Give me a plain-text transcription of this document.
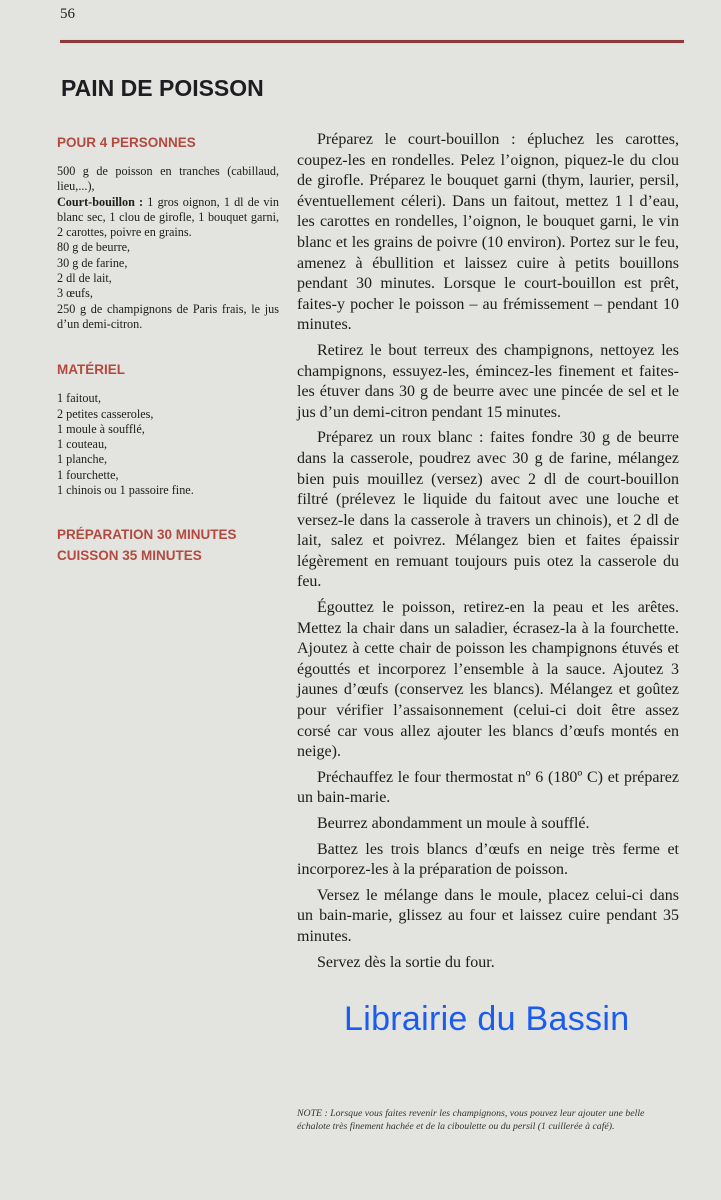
56
PAIN DE POISSON
POUR 4 PERSONNES
500 g de poisson en tranches (cabillaud, lieu,...),
Court-bouillon : 1 gros oignon, 1 dl de vin blanc sec, 1 clou de girofle, 1 bouquet garni, 2 carottes, poivre en grains.
80 g de beurre,
30 g de farine,
2 dl de lait,
3 œufs,
250 g de champignons de Paris frais, le jus d’un demi-citron.
MATÉRIEL
1 faitout,
2 petites casseroles,
1 moule à soufflé,
1 couteau,
1 planche,
1 fourchette,
1 chinois ou 1 passoire fine.
PRÉPARATION 30 MINUTES
CUISSON 35 MINUTES

Préparez le court-bouillon : épluchez les carottes, coupez-les en rondelles. Pelez l’oignon, piquez-le du clou de girofle. Préparez le bouquet garni (thym, laurier, persil, éventuellement céleri). Dans un faitout, mettez 1 l d’eau, les carottes en rondelles, l’oignon, le bouquet garni, le vin blanc et les grains de poivre (10 environ). Portez sur le feu, amenez à ébullition et laissez cuire à petits bouillons pendant 30 minutes. Lorsque le court-bouillon est prêt, faites-y pocher le poisson – au frémissement – pendant 10 minutes.

Retirez le bout terreux des champignons, nettoyez les champignons, essuyez-les, émincez-les finement et faites-les étuver dans 30 g de beurre avec une pincée de sel et le jus d’un demi-citron pendant 15 minutes.

Préparez un roux blanc : faites fondre 30 g de beurre dans la casserole, poudrez avec 30 g de farine, mélangez bien puis mouillez (versez) avec 2 dl de court-bouillon filtré (prélevez le liquide du faitout avec une louche et versez-le dans la casserole à travers un chinois), et 2 dl de lait, salez et poivrez. Mélangez bien et faites épaissir légèrement en remuant toujours puis otez la casserole du feu.

Égouttez le poisson, retirez-en la peau et les arêtes. Mettez la chair dans un saladier, écrasez-la à la fourchette. Ajoutez à cette chair de poisson les champignons étuvés et égouttés et incorporez l’ensemble à la sauce. Ajoutez 3 jaunes d’œufs (conservez les blancs). Mélangez et goûtez pour vérifier l’assaisonnement (celui-ci doit être assez corsé car vous allez ajouter les blancs d’œufs montés en neige).

Préchauffez le four thermostat nº 6 (180º C) et préparez un bain-marie.

Beurrez abondamment un moule à soufflé.

Battez les trois blancs d’œufs en neige très ferme et incorporez-les à la préparation de poisson.

Versez le mélange dans le moule, placez celui-ci dans un bain-marie, glissez au four et laissez cuire pendant 35 minutes.

Servez dès la sortie du four.

Librairie du Bassin
NOTE : Lorsque vous faites revenir les champignons, vous pouvez leur ajouter une belle échalote très finement hachée et de la ciboulette ou du persil (1 cuillerée à café).
